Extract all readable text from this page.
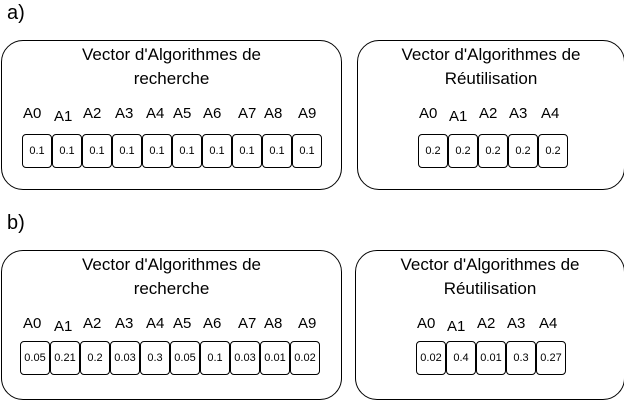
a)
Vector d'Algorithmes de
recherche
A0 A1 A2 A3 A4 A5 A6 A7 A8 A9
0.1	0.1	0.1	0.1	0.1	0.1	0.1	0.1	0.1	0.1
Vector d'Algorithmes de
Réutilisation
A0 A1 A2 A3 A4
0.2	0.2	0.2	0.2	0.2
b)
Vector d'Algorithmes de
recherche
A0 A1 A2 A3 A4 A5 A6 A7 A8 A9
0.05 0.21	0.2	0.03	0.3	0.05	0.1	0.03 0.01 0.02
Vector d'Algorithmes de
Réutilisation
A0 A1 A2 A3 A4
0.02	0.4	0.01	0.3	0.27
